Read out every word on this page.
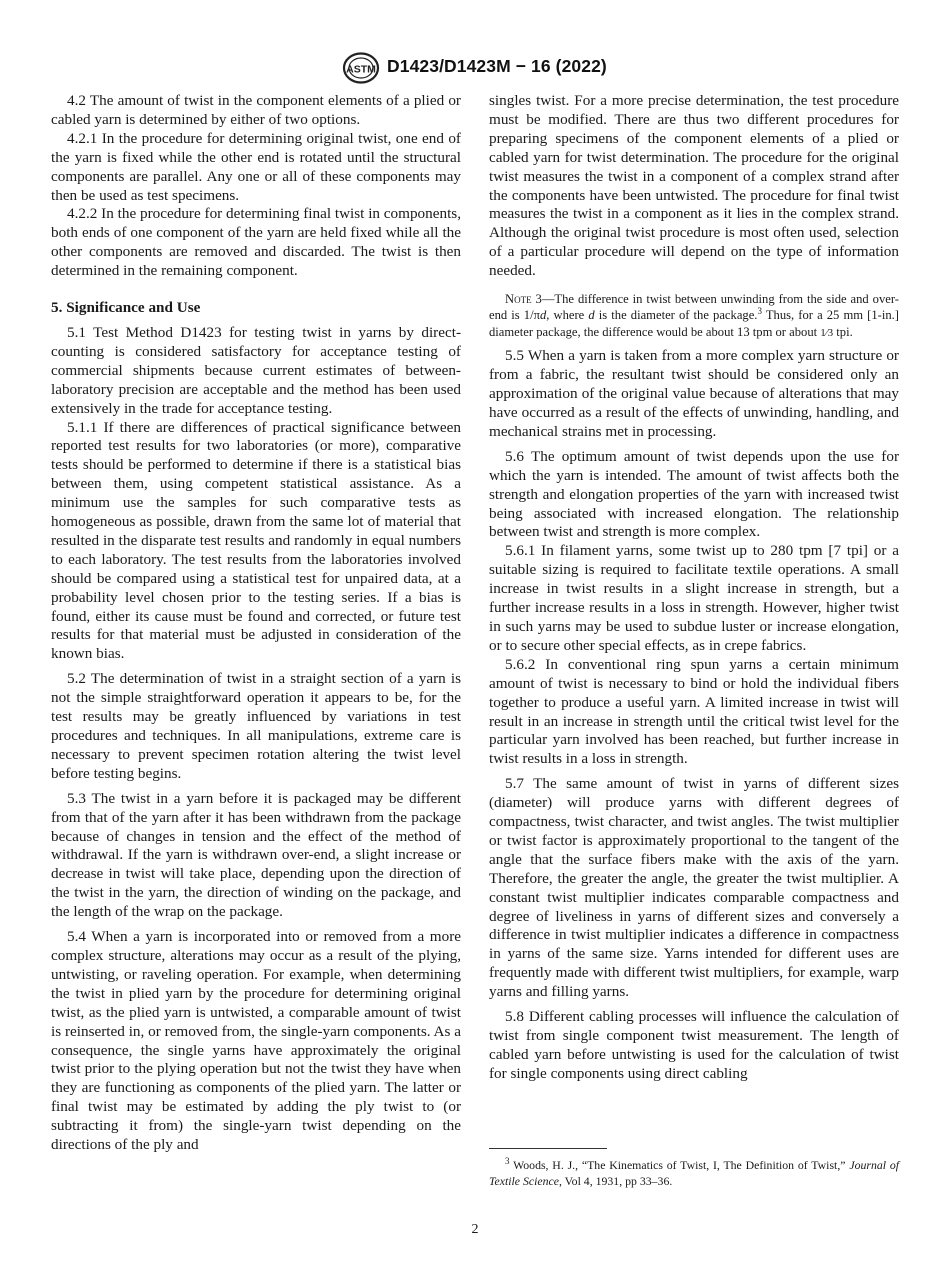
ASTM D1423/D1423M − 16 (2022)

4.2 The amount of twist in the component elements of a plied or cabled yarn is determined by either of two options.

4.2.1 In the procedure for determining original twist, one end of the yarn is fixed while the other end is rotated until the structural components are parallel. Any one or all of these components may then be used as test specimens.

4.2.2 In the procedure for determining final twist in components, both ends of one component of the yarn are held fixed while all the other components are removed and discarded. The twist is then determined in the remaining component.

5. Significance and Use

5.1 Test Method D1423 for testing twist in yarns by direct-counting is considered satisfactory for acceptance testing of commercial shipments because current estimates of between-laboratory precision are acceptable and the method has been used extensively in the trade for acceptance testing.

5.1.1 If there are differences of practical significance between reported test results for two laboratories (or more), comparative tests should be performed to determine if there is a statistical bias between them, using competent statistical assistance. As a minimum use the samples for such comparative tests as homogeneous as possible, drawn from the same lot of material that resulted in the disparate test results and randomly in equal numbers to each laboratory. The test results from the laboratories involved should be compared using a statistical test for unpaired data, at a probability level chosen prior to the testing series. If a bias is found, either its cause must be found and corrected, or future test results for that material must be adjusted in consideration of the known bias.

5.2 The determination of twist in a straight section of a yarn is not the simple straightforward operation it appears to be, for the test results may be greatly influenced by variations in test procedures and techniques. In all manipulations, extreme care is necessary to prevent specimen rotation altering the twist level before testing begins.

5.3 The twist in a yarn before it is packaged may be different from that of the yarn after it has been withdrawn from the package because of changes in tension and the effect of the method of withdrawal. If the yarn is withdrawn over-end, a slight increase or decrease in twist will take place, depending upon the direction of the twist in the yarn, the direction of winding on the package, and the length of the wrap on the package.

5.4 When a yarn is incorporated into or removed from a more complex structure, alterations may occur as a result of the plying, untwisting, or raveling operation. For example, when determining the twist in plied yarn by the procedure for determining original twist, as the plied yarn is untwisted, a comparable amount of twist is reinserted in, or removed from, the single-yarn components. As a consequence, the single yarns have approximately the original twist prior to the plying operation but not the twist they have when they are functioning as components of the plied yarn. The latter or final twist may be estimated by adding the ply twist to (or subtracting it from) the single-yarn twist depending on the directions of the ply and

singles twist. For a more precise determination, the test procedure must be modified. There are thus two different procedures for preparing specimens of the component elements of a plied or cabled yarn for twist determination. The procedure for the original twist measures the twist in a component of a complex strand after the components have been untwisted. The procedure for final twist measures the twist in a component as it lies in the complex strand. Although the original twist procedure is most often used, selection of a particular procedure will depend on the type of information needed.

Note 3—The difference in twist between unwinding from the side and over-end is 1/πd, where d is the diameter of the package.$^3$ Thus, for a 25 mm [1-in.] diameter package, the difference would be about 13 tpm or about 1⁄3 tpi.

5.5 When a yarn is taken from a more complex yarn structure or from a fabric, the resultant twist should be considered only an approximation of the original value because of alterations that may have occurred as a result of the effects of unwinding, handling, and mechanical strains met in processing.

5.6 The optimum amount of twist depends upon the use for which the yarn is intended. The amount of twist affects both the strength and elongation properties of the yarn with increased twist being associated with increased elongation. The relationship between twist and strength is more complex.

5.6.1 In filament yarns, some twist up to 280 tpm [7 tpi] or a suitable sizing is required to facilitate textile operations. A small increase in twist results in a slight increase in strength, but a further increase results in a loss in strength. However, higher twist in such yarns may be used to subdue luster or increase elongation, or to secure other special effects, as in crepe fabrics.

5.6.2 In conventional ring spun yarns a certain minimum amount of twist is necessary to bind or hold the individual fibers together to produce a useful yarn. A limited increase in twist will result in an increase in strength until the critical twist level for the particular yarn involved has been reached, but further increase in twist results in a loss in strength.

5.7 The same amount of twist in yarns of different sizes (diameter) will produce yarns with different degrees of compactness, twist character, and twist angles. The twist multiplier or twist factor is approximately proportional to the tangent of the angle that the surface fibers make with the axis of the yarn. Therefore, the greater the angle, the greater the twist multiplier. A constant twist multiplier indicates comparable compactness and degree of liveliness in yarns of different sizes and conversely a difference in twist multiplier indicates a difference in compactness in yarns of the same size. Yarns intended for different uses are frequently made with different twist multipliers, for example, warp yarns and filling yarns.

5.8 Different cabling processes will influence the calculation of twist from single component twist measurement. The length of cabled yarn before untwisting is used for the calculation of twist for single components using direct cabling

$^3$ Woods, H. J., “The Kinematics of Twist, I, The Definition of Twist,” Journal of Textile Science, Vol 4, 1931, pp 33–36.

2
